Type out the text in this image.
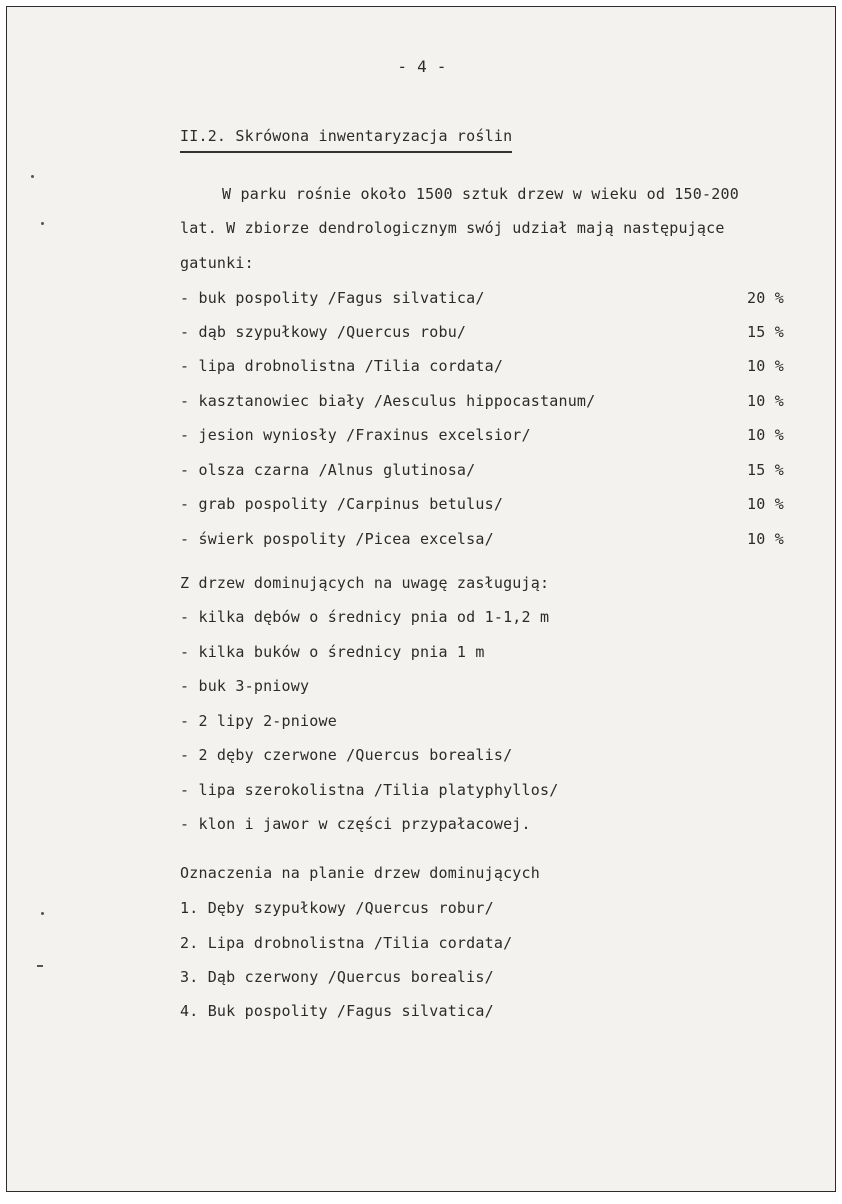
- 4 -
II.2. Skrówona inwentaryzacja roślin
W parku rośnie około 1500 sztuk drzew w wieku od 150-200
lat. W zbiorze dendrologicznym swój udział mają następujące
gatunki:
- buk pospolity /Fagus silvatica/	20 %
- dąb szypułkowy /Quercus robu/	15 %
- lipa drobnolistna /Tilia cordata/	10 %
- kasztanowiec biały /Aesculus hippocastanum/	10 %
- jesion wyniosły /Fraxinus excelsior/	10 %
- olsza czarna /Alnus glutinosa/	15 %
- grab pospolity /Carpinus betulus/	10 %
- świerk pospolity /Picea excelsa/	10 %
Z drzew dominujących na uwagę zasługują:
- kilka dębów o średnicy pnia od 1-1,2 m
- kilka buków o średnicy pnia 1 m
- buk 3-pniowy
- 2 lipy 2-pniowe
- 2 dęby czerwone /Quercus borealis/
- lipa szerokolistna /Tilia platyphyllos/
- klon i jawor w części przypałacowej.
Oznaczenia na planie drzew dominujących
1. Dęby szypułkowy /Quercus robur/
2. Lipa drobnolistna /Tilia cordata/
3. Dąb czerwony /Quercus borealis/
4. Buk pospolity /Fagus silvatica/
